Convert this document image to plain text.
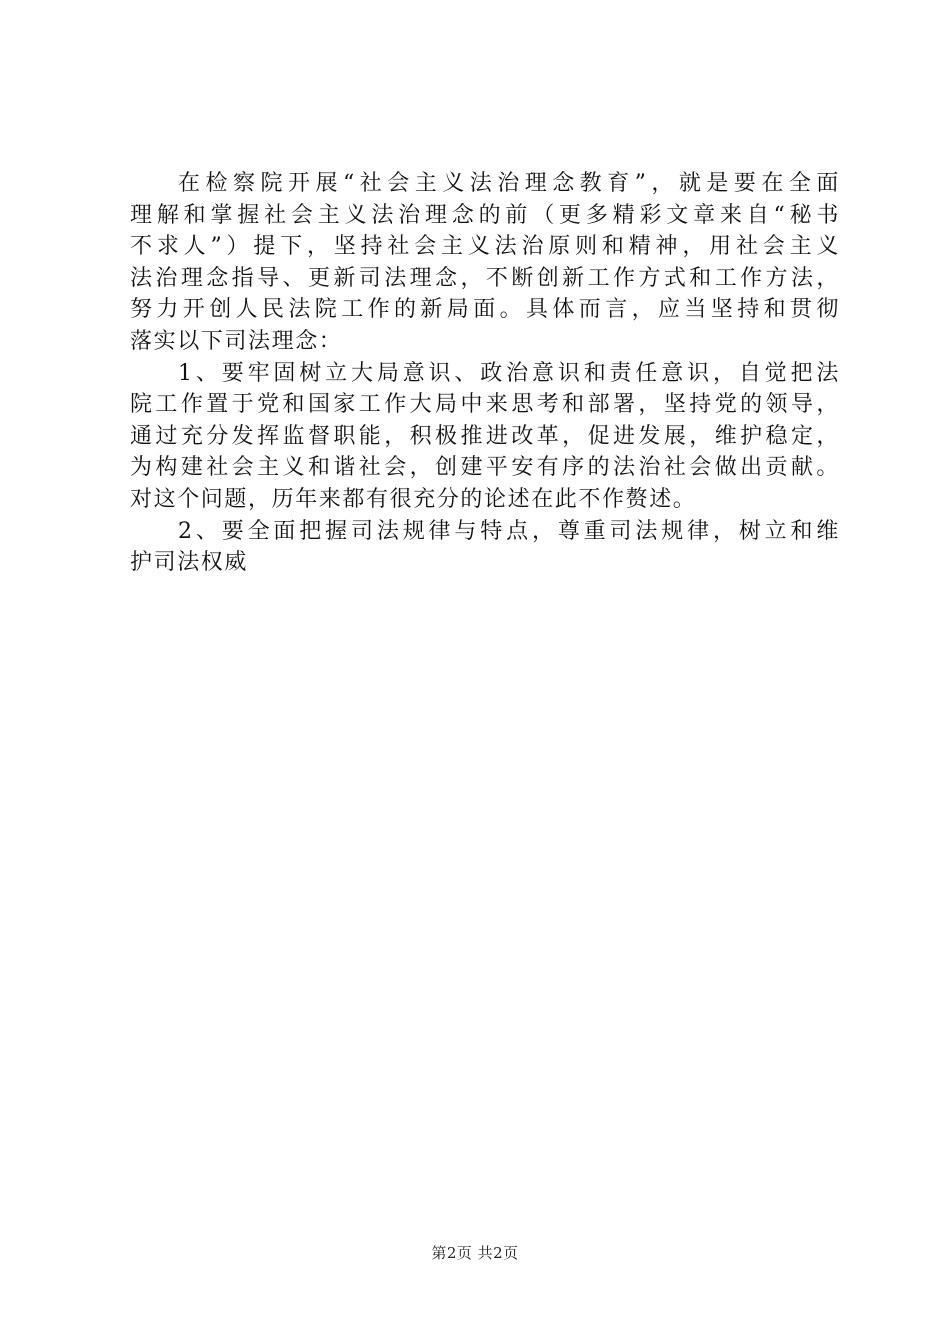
在检察院开展“社会主义法治理念教育”，就是要在全面
理解和掌握社会主义法治理念的前（更多精彩文章来自“秘书
不求人”）提下，坚持社会主义法治原则和精神，用社会主义
法治理念指导、更新司法理念，不断创新工作方式和工作方法，
努力开创人民法院工作的新局面。具体而言，应当坚持和贯彻
落实以下司法理念：
1、要牢固树立大局意识、政治意识和责任意识，自觉把法
院工作置于党和国家工作大局中来思考和部署，坚持党的领导，
通过充分发挥监督职能，积极推进改革，促进发展，维护稳定，
为构建社会主义和谐社会，创建平安有序的法治社会做出贡献。
对这个问题，历年来都有很充分的论述在此不作赘述。
2、要全面把握司法规律与特点，尊重司法规律，树立和维
护司法权威
第2页 共2页
